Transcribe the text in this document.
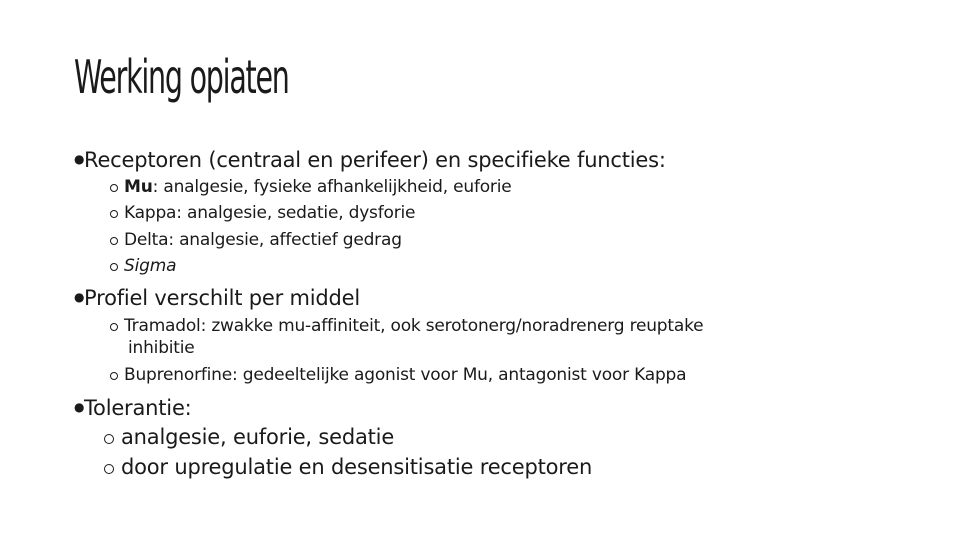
Werking opiaten
●Receptoren (centraal en perifeer) en specifieke functies:
Mu: analgesie, fysieke afhankelijkheid, euforie
Kappa: analgesie, sedatie, dysforie
Delta: analgesie, affectief gedrag
Sigma
●Profiel verschilt per middel
Tramadol: zwakke mu-affiniteit, ook serotonerg/noradrenerg reuptake
inhibitie
Buprenorfine: gedeeltelijke agonist voor Mu, antagonist voor Kappa
●Tolerantie:
analgesie, euforie, sedatie
door upregulatie en desensitisatie receptoren
